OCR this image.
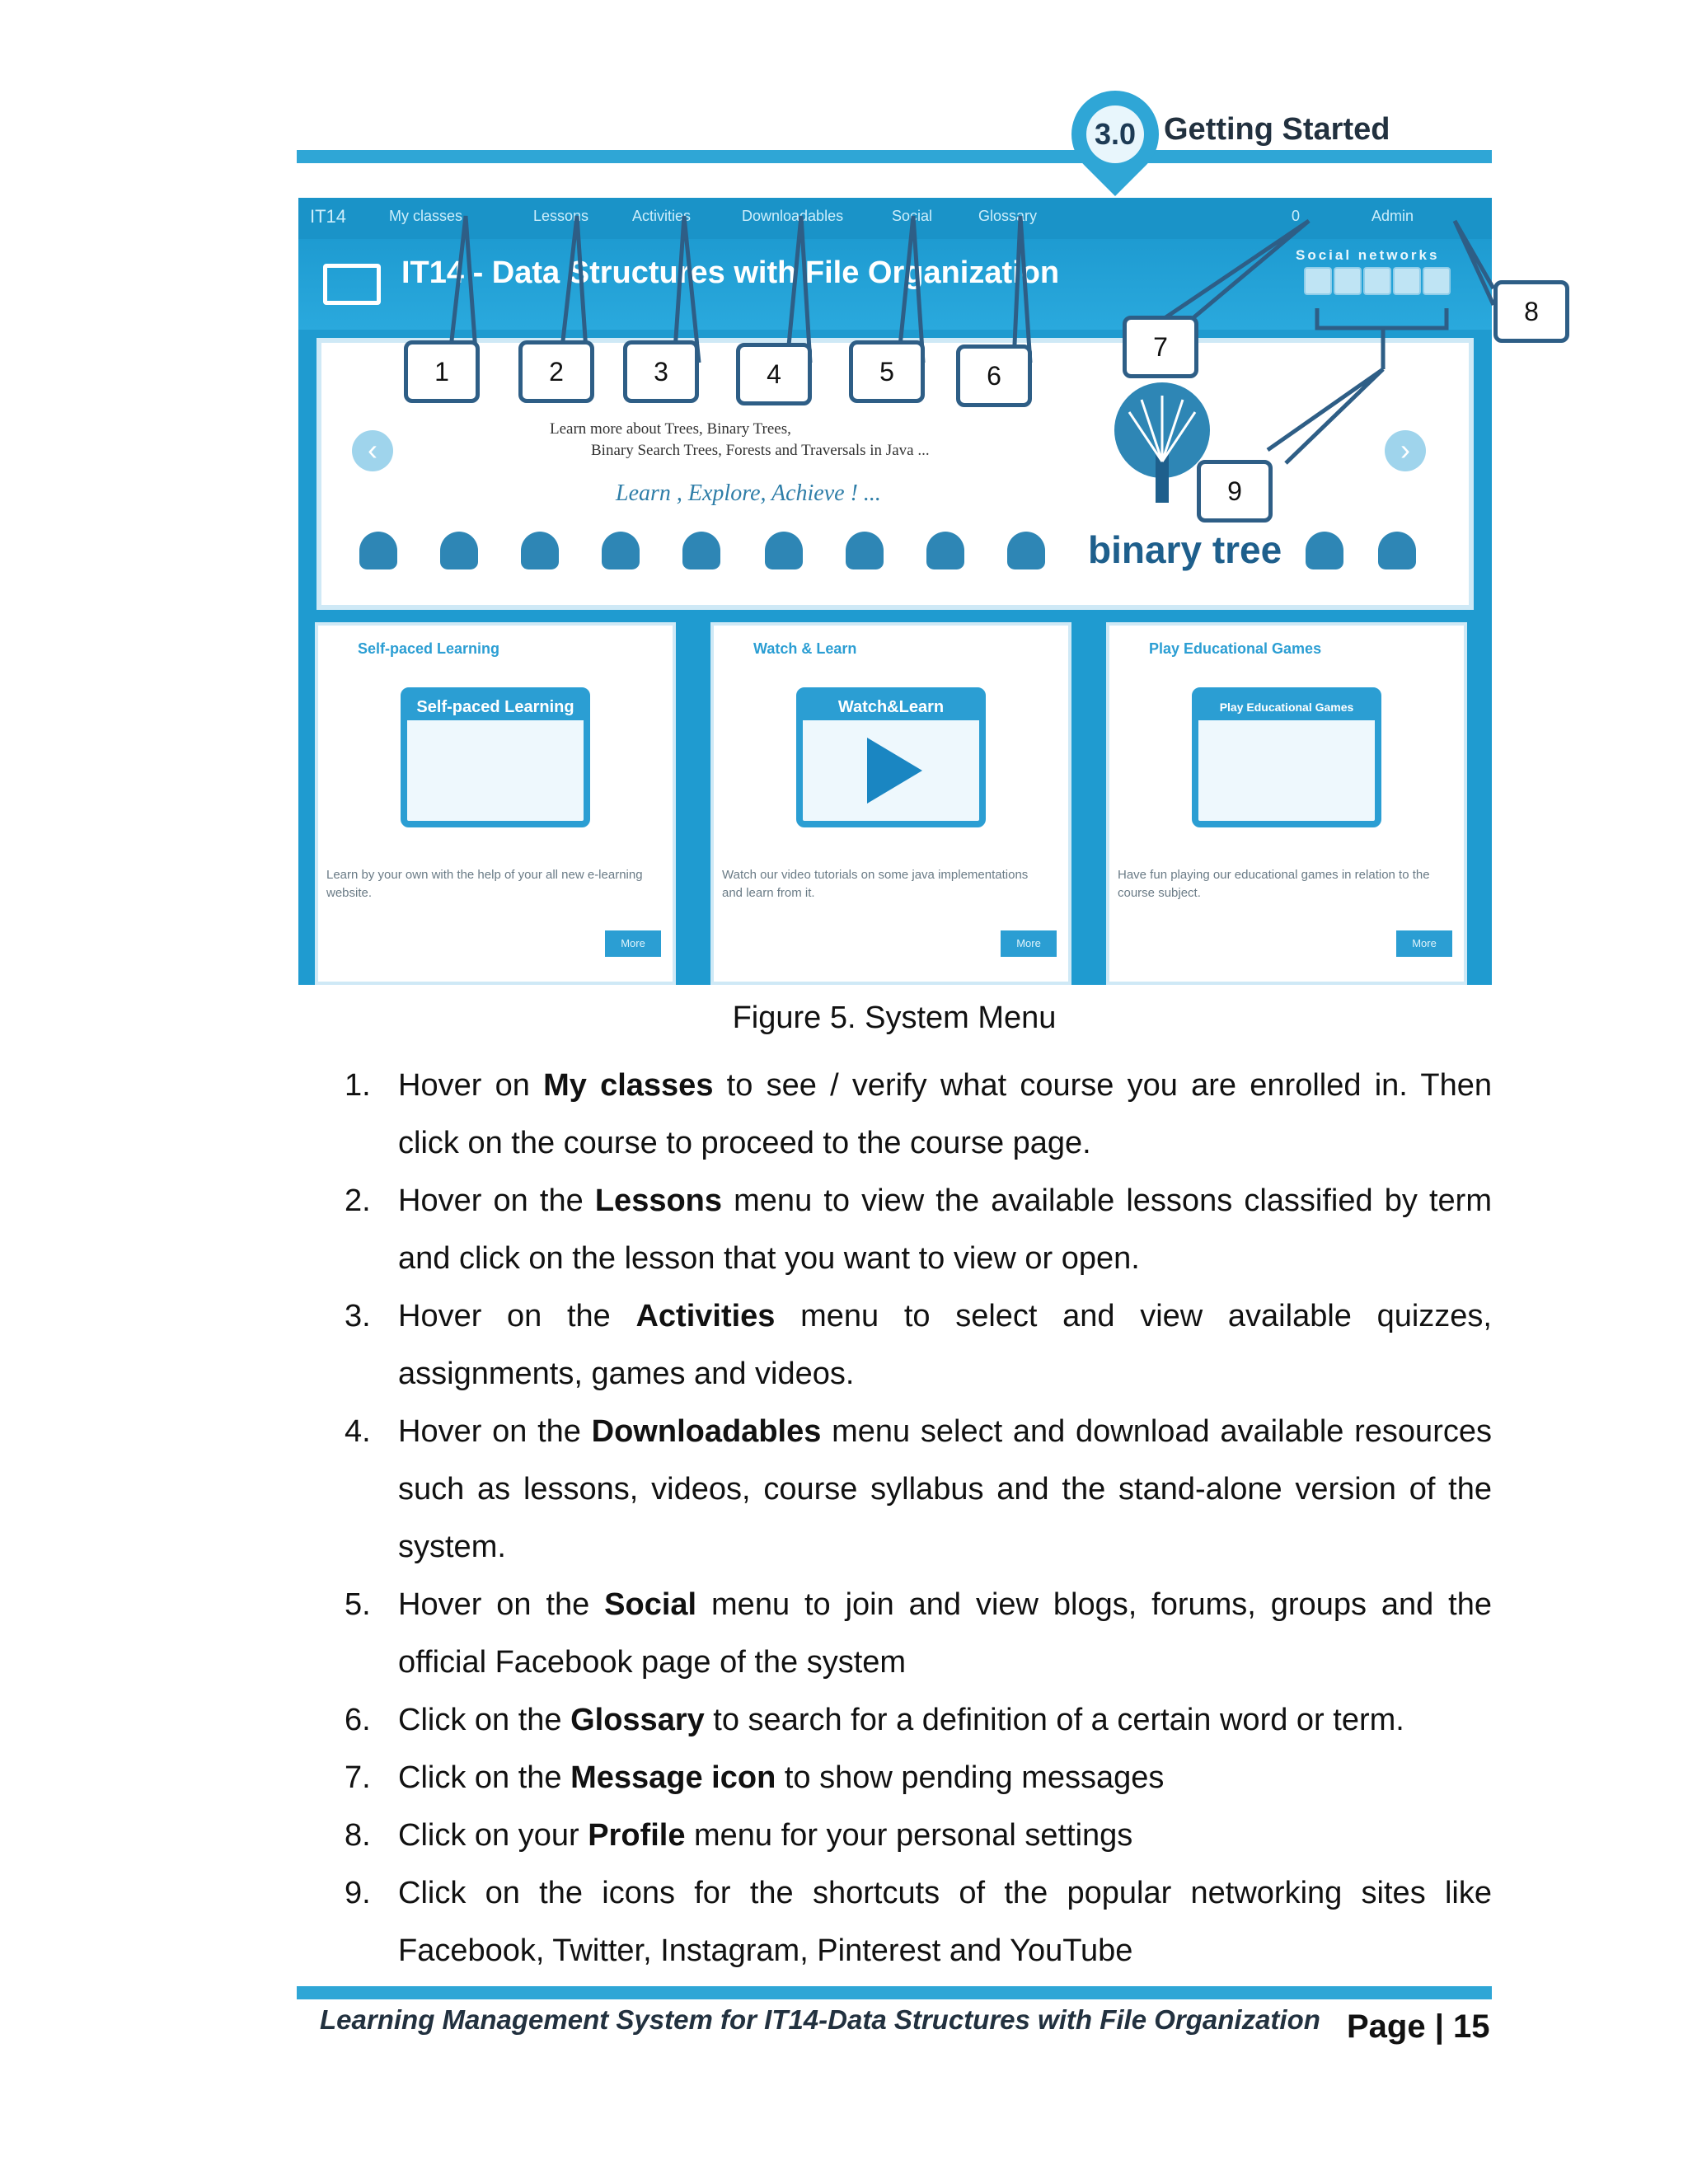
3.0 Getting Started
IT14	My classes	Lessons	Activities	Downloadables	Social	Glossary	0	Admin
IT14 - Data Structures with File Organization
Social networks
‹	›
Learn more about Trees, Binary Trees,
Binary Search Trees, Forests and Traversals in Java ...
Learn , Explore, Achieve ! ...
binary tree
Self-paced Learning
Self-paced Learning
Learn by your own with the help of your all new e-learning website.
More
Watch & Learn
Watch&Learn
Watch our video tutorials on some java implementations and learn from it.
More
Play Educational Games
Play Educational Games
Have fun playing our educational games in relation to the course subject.
More
1	2	3	4	5	6
7
8
9
Figure 5. System Menu
1. Hover on My classes to see / verify what course you are enrolled in. Then click on the course to proceed to the course page.
2. Hover on the Lessons menu to view the available lessons classified by term and click on the lesson that you want to view or open.
3. Hover on the Activities menu to select and view available quizzes, assignments, games and videos.
4. Hover on the Downloadables menu select and download available resources such as lessons, videos, course syllabus and the stand-alone version of the system.
5. Hover on the Social menu to join and view blogs, forums, groups and the official Facebook page of the system
6. Click on the Glossary to search for a definition of a certain word or term.
7. Click on the Message icon to show pending messages
8. Click on your Profile menu for your personal settings
9. Click on the icons for the shortcuts of the popular networking sites like Facebook, Twitter, Instagram, Pinterest and YouTube
Learning Management System for IT14-Data Structures with File Organization Page | 15
